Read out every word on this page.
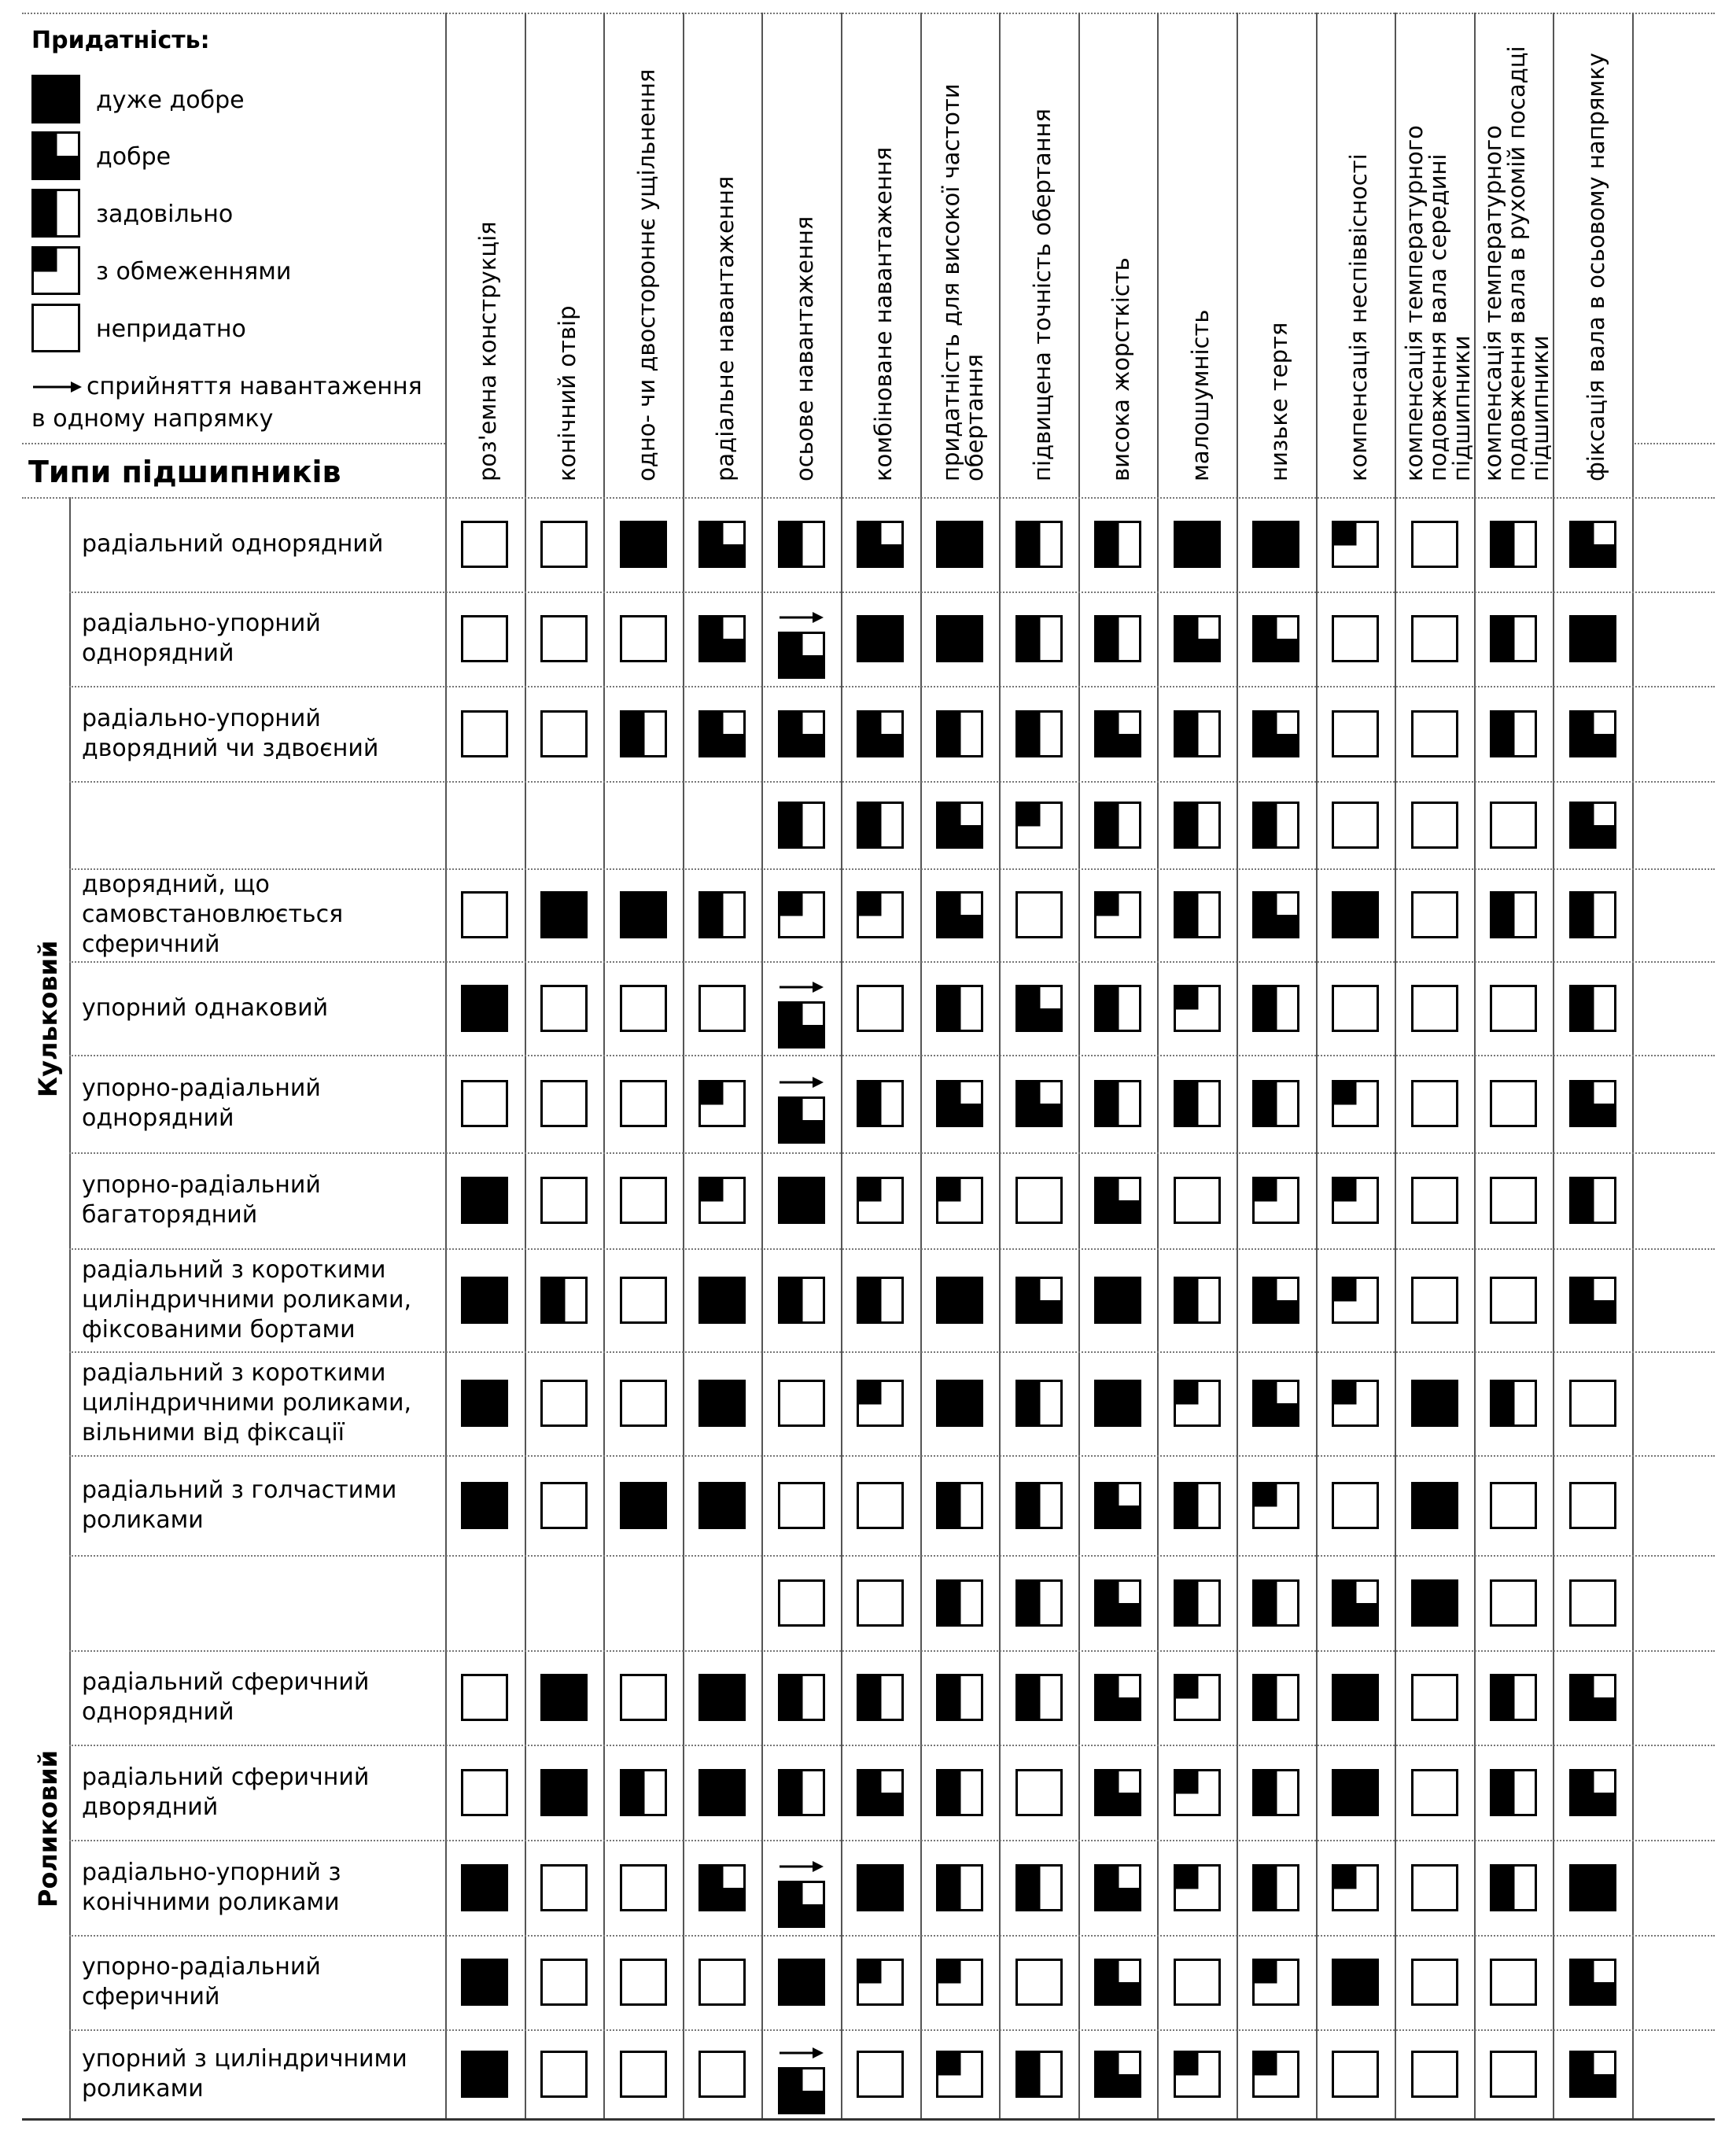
Придатність:
дуже добре
добре
задовільно
з обмеженнями
непридатно
сприйняття навантаження в одному напрямку
Типи підшипників	роз'емна конструкція конічний отвір одно- чи двостороннє ущільнення радіальне навантаження осьове навантаження комбіноване навантаження придатність для високої частоти обертання підвищена точність обертання висока жорсткість малошумність низьке тертя компенсація неспіввісності компенсація температурного подовження вала середині підшипники компенсація температурного подовження вала в рухомій посадці підшипники фіксація вала в осьовому напрямку
Кульковий
Роликовий
радіальний однорядний
радіально-упорний однорядний
радіально-упорний дворядний чи здвоєний
дворядний, що самовстановлюється сферичний
упорний однаковий
упорно-радіальний однорядний
упорно-радіальний багаторядний
радіальний з короткими циліндричними роликами, фіксованими бортами
радіальний з короткими циліндричними роликами, вільними від фіксації
радіальний з голчастими роликами
радіальний сферичний однорядний
радіальний сферичний дворядний
радіально-упорний з конічними роликами
упорно-радіальний сферичний
упорний з циліндричними роликами
